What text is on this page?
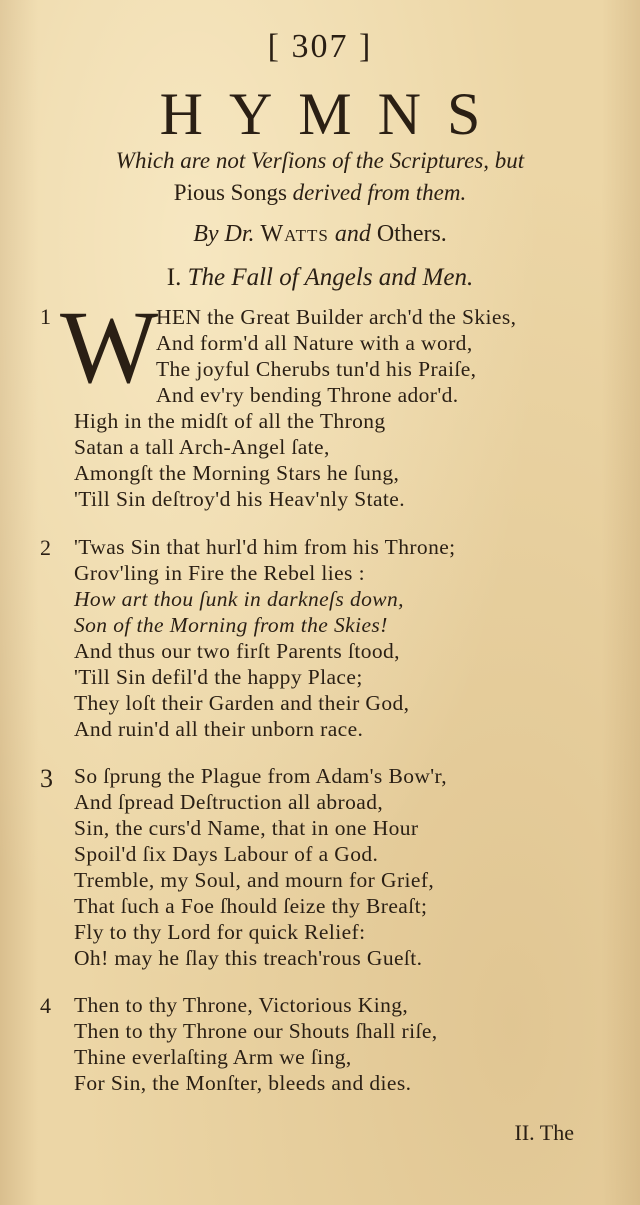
[ 307 ]
HYMNS
Which are not Verſions of the Scriptures, but
Pious Songs derived from them.
By Dr. Watts and Others.
I. The Fall of Angels and Men.
1 W
HEN the Great Builder arch'd the Skies,
And form'd all Nature with a word,
The joyful Cherubs tun'd his Praiſe,
And ev'ry bending Throne ador'd.
High in the midſt of all the Throng
Satan a tall Arch-Angel ſate,
Amongſt the Morning Stars he ſung,
'Till Sin deſtroy'd his Heav'nly State.
2 'Twas Sin that hurl'd him from his Throne;
Grov'ling in Fire the Rebel lies :
How art thou ſunk in darkneſs down,
Son of the Morning from the Skies!
And thus our two firſt Parents ſtood,
'Till Sin defil'd the happy Place;
They loſt their Garden and their God,
And ruin'd all their unborn race.
3 So ſprung the Plague from Adam's Bow'r,
And ſpread Deſtruction all abroad,
Sin, the curs'd Name, that in one Hour
Spoil'd ſix Days Labour of a God.
Tremble, my Soul, and mourn for Grief,
That ſuch a Foe ſhould ſeize thy Breaſt;
Fly to thy Lord for quick Relief:
Oh! may he ſlay this treach'rous Gueſt.
4 Then to thy Throne, Victorious King,
Then to thy Throne our Shouts ſhall riſe,
Thine everlaſting Arm we ſing,
For Sin, the Monſter, bleeds and dies.
II. The
